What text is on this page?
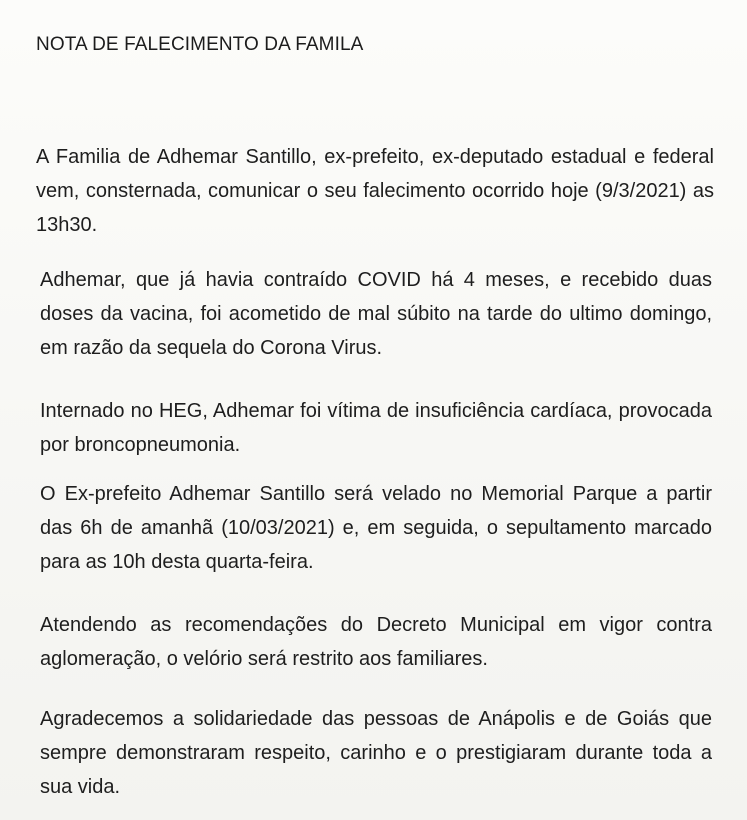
NOTA DE FALECIMENTO DA FAMILA

A Familia de Adhemar Santillo, ex-prefeito, ex-deputado estadual e federal vem, consternada, comunicar o seu falecimento ocorrido hoje (9/3/2021) as 13h30.

Adhemar, que já havia contraído COVID há 4 meses, e recebido duas doses da vacina, foi acometido de mal súbito na tarde do ultimo domingo, em razão da sequela do Corona Virus.

Internado no HEG, Adhemar foi vítima de insuficiência cardíaca, provocada por broncopneumonia.

O Ex-prefeito Adhemar Santillo será velado no Memorial Parque a partir das 6h de amanhã (10/03/2021) e, em seguida, o sepultamento marcado para as 10h desta quarta-feira.

Atendendo as recomendações do Decreto Municipal em vigor contra aglomeração, o velório será restrito aos familiares.

Agradecemos a solidariedade das pessoas de Anápolis e de Goiás que sempre demonstraram respeito, carinho e o prestigiaram durante toda a sua vida.
